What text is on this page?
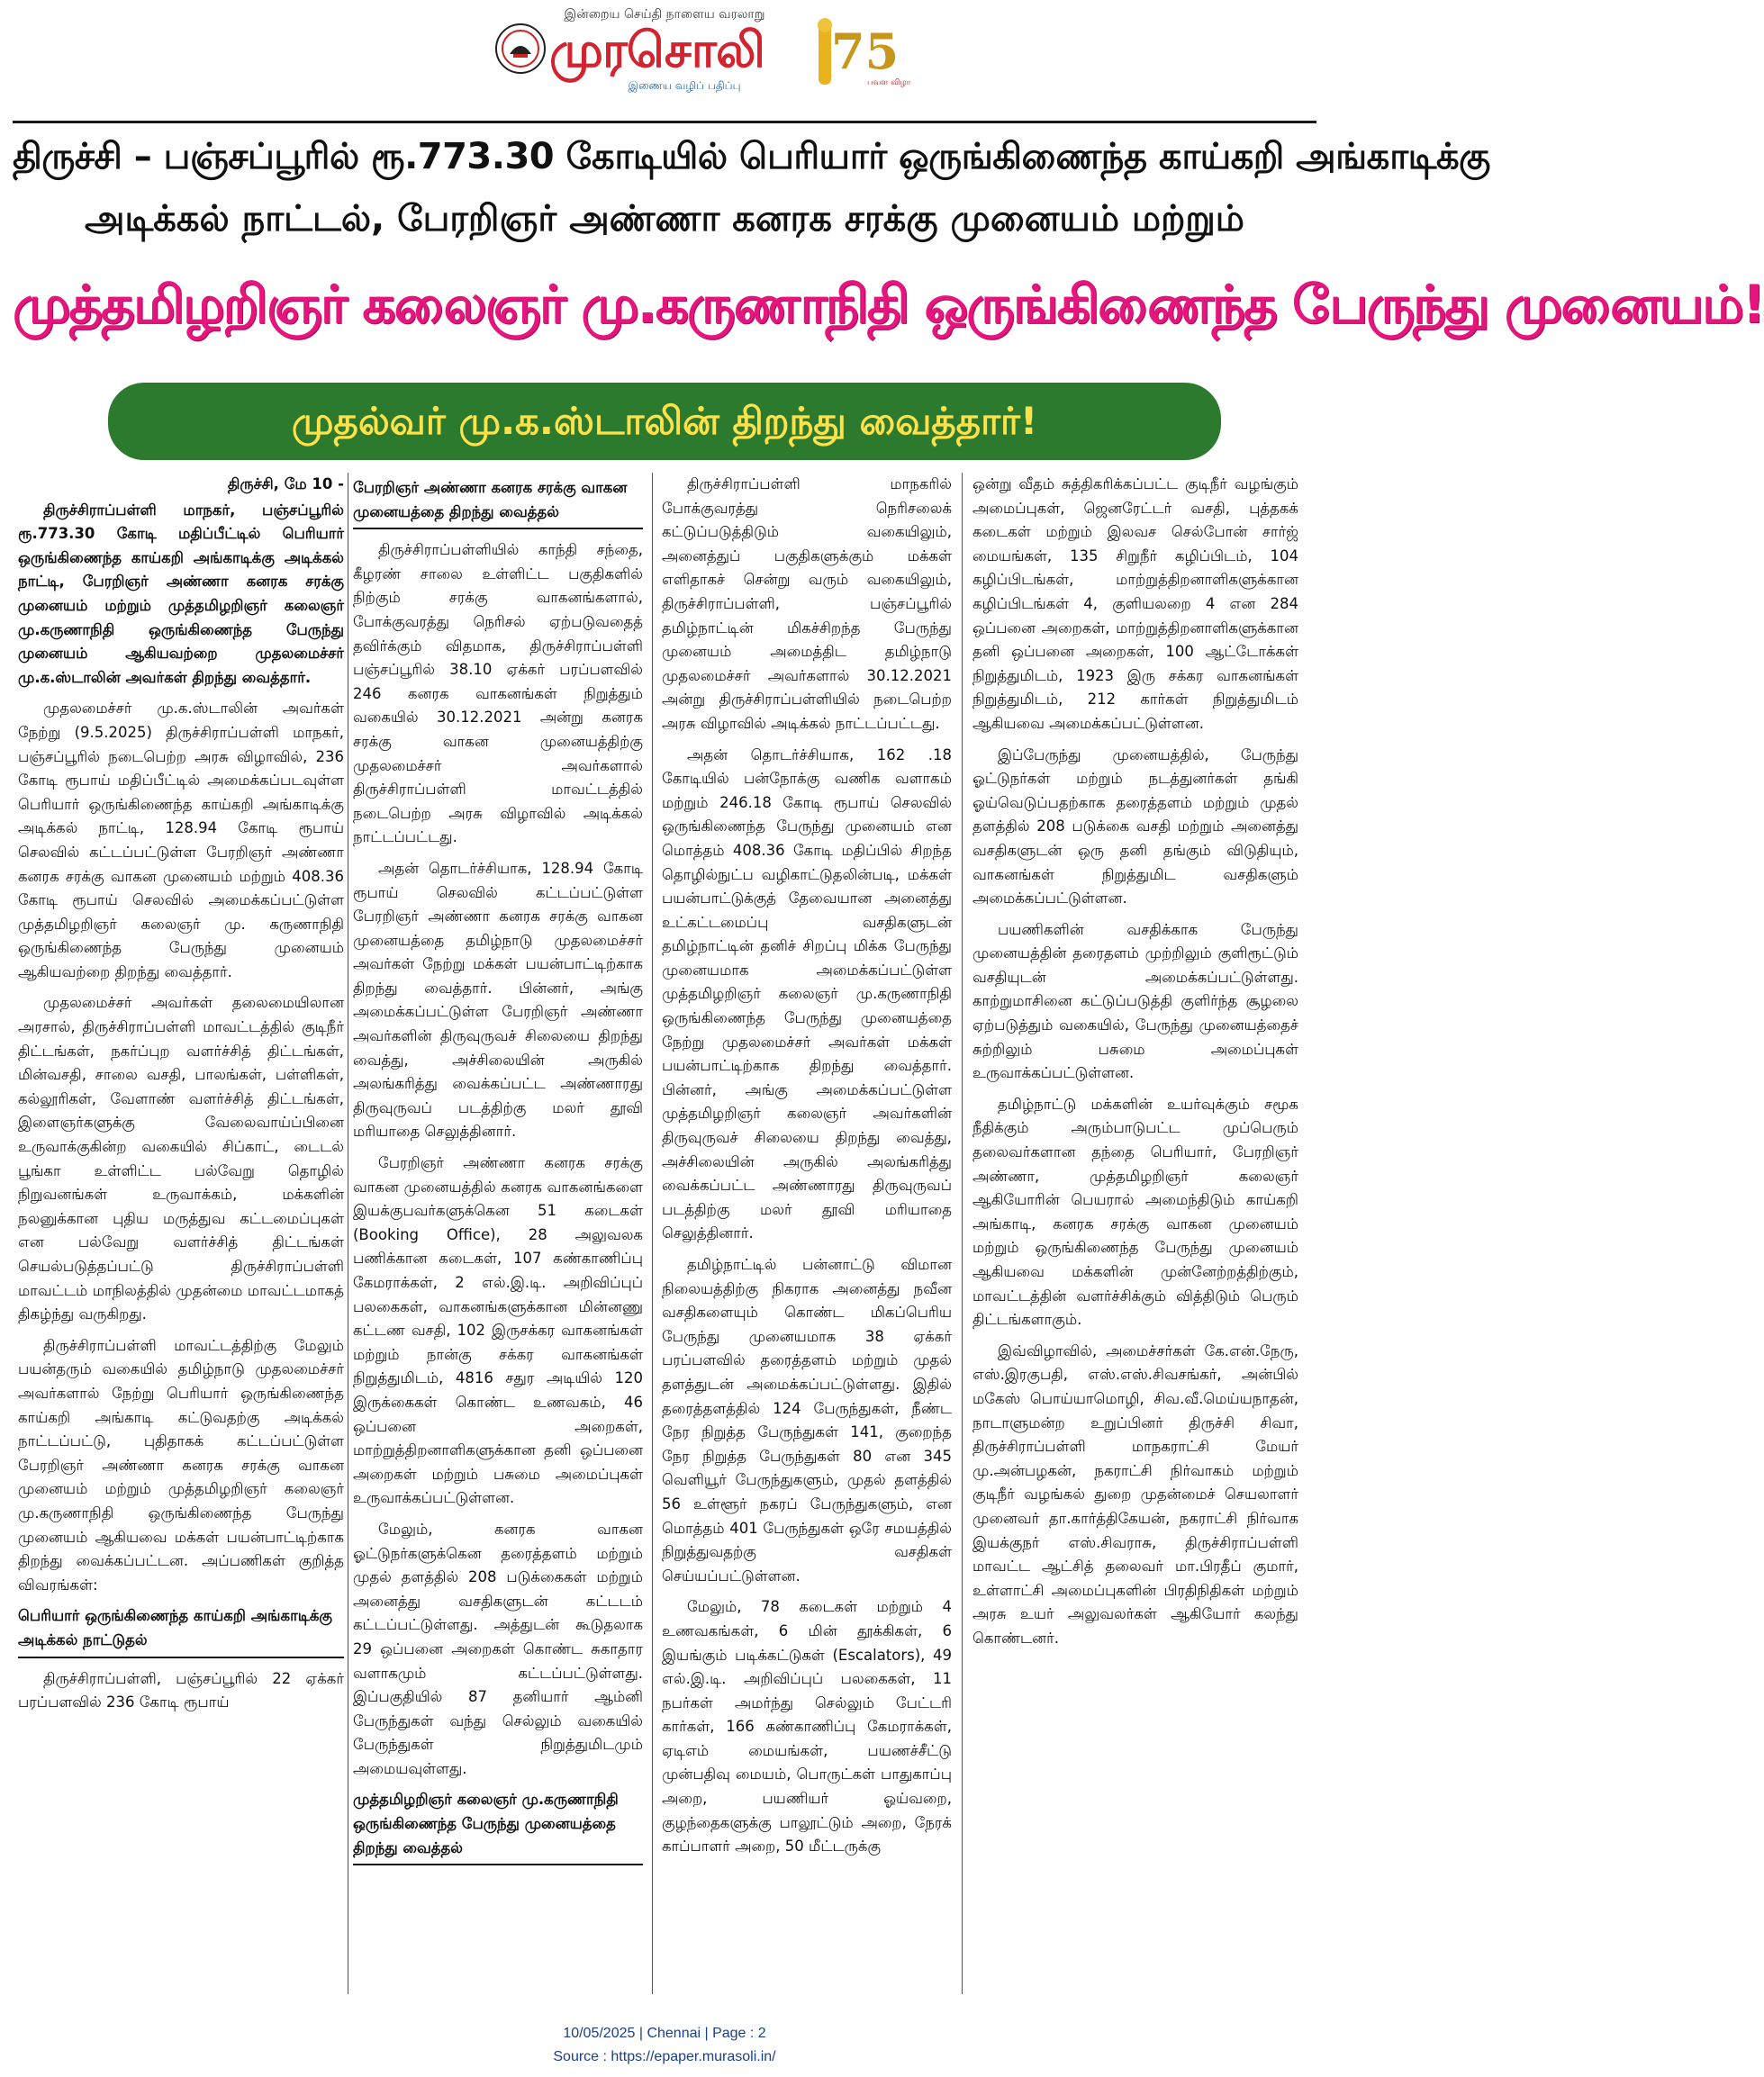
இன்றைய செய்தி நாளைய வரலாறு
முரசொலி	75
பவள விழா
இணைய வழிப் பதிப்பு
திருச்சி – பஞ்சப்பூரில் ரூ.773.30 கோடியில் பெரியார் ஒருங்கிணைந்த காய்கறி அங்காடிக்கு
அடிக்கல் நாட்டல், பேரறிஞர் அண்ணா கனரக சரக்கு முனையம் மற்றும்
முத்தமிழறிஞர் கலைஞர் மு.கருணாநிதி ஒருங்கிணைந்த பேருந்து முனையம்!
முதல்வர் மு.க.ஸ்டாலின் திறந்து வைத்தார்!
திருச்சி, மே 10 -

திருச்சிராப்பள்ளி மாநகர், பஞ்சப்பூரில் ரூ.773.30 கோடி மதிப்பீட்டில் பெரியார் ஒருங்கிணைந்த காய்கறி அங்காடிக்கு அடிக்கல் நாட்டி, பேரறிஞர் அண்ணா கனரக சரக்கு முனையம் மற்றும் முத்தமிழறிஞர் கலைஞர் மு.கருணாநிதி ஒருங்கிணைந்த பேருந்து முனையம் ஆகியவற்றை முதலமைச்சர் மு.க.ஸ்டாலின் அவர்கள் திறந்து வைத்தார்.

முதலமைச்சர் மு.க.ஸ்டாலின் அவர்கள் நேற்று (9.5.2025) திருச்சிராப்பள்ளி மாநகர், பஞ்சப்பூரில் நடைபெற்ற அரசு விழாவில், 236 கோடி ரூபாய் மதிப்பீட்டில் அமைக்கப்படவுள்ள பெரியார் ஒருங்கிணைந்த காய்கறி அங்காடிக்கு அடிக்கல் நாட்டி, 128.94 கோடி ரூபாய் செலவில் கட்டப்பட்டுள்ள பேரறிஞர் அண்ணா கனரக சரக்கு வாகன முனையம் மற்றும் 408.36 கோடி ரூபாய் செலவில் அமைக்கப்பட்டுள்ள முத்தமிழறிஞர் கலைஞர் மு. கருணாநிதி ஒருங்கிணைந்த பேருந்து முனையம் ஆகியவற்றை திறந்து வைத்தார்.

முதலமைச்சர் அவர்கள் தலைமையிலான அரசால், திருச்சிராப்பள்ளி மாவட்டத்தில் குடிநீர் திட்டங்கள், நகர்ப்புற வளர்ச்சித் திட்டங்கள், மின்வசதி, சாலை வசதி, பாலங்கள், பள்ளிகள், கல்லூரிகள், வேளாண் வளர்ச்சித் திட்டங்கள், இளைஞர்களுக்கு வேலைவாய்ப்பினை உருவாக்குகின்ற வகையில் சிப்காட், டைடல் பூங்கா உள்ளிட்ட பல்வேறு தொழில் நிறுவனங்கள் உருவாக்கம், மக்களின் நலனுக்கான புதிய மருத்துவ கட்டமைப்புகள் என பல்வேறு வளர்ச்சித் திட்டங்கள் செயல்படுத்தப்பட்டு திருச்சிராப்பள்ளி மாவட்டம் மாநிலத்தில் முதன்மை மாவட்டமாகத் திகழ்ந்து வருகிறது.

திருச்சிராப்பள்ளி மாவட்டத்திற்கு மேலும் பயன்தரும் வகையில் தமிழ்நாடு முதலமைச்சர் அவர்களால் நேற்று பெரியார் ஒருங்கிணைந்த காய்கறி அங்காடி கட்டுவதற்கு அடிக்கல் நாட்டப்பட்டு, புதிதாகக் கட்டப்பட்டுள்ள பேரறிஞர் அண்ணா கனரக சரக்கு வாகன முனையம் மற்றும் முத்தமிழறிஞர் கலைஞர் மு.கருணாநிதி ஒருங்கிணைந்த பேருந்து முனையம் ஆகியவை மக்கள் பயன்பாட்டிற்காக திறந்து வைக்கப்பட்டன. அப்பணிகள் குறித்த விவரங்கள்:

பெரியார் ஒருங்கிணைந்த காய்கறி அங்காடிக்கு அடிக்கல் நாட்டுதல்

திருச்சிராப்பள்ளி, பஞ்சப்பூரில் 22 ஏக்கர் பரப்பளவில் 236 கோடி ரூபாய்

பேரறிஞர் அண்ணா கனரக சரக்கு வாகன முனையத்தை திறந்து வைத்தல்

திருச்சிராப்பள்ளியில் காந்தி சந்தை, கீழரண் சாலை உள்ளிட்ட பகுதிகளில் நிற்கும் சரக்கு வாகனங்களால், போக்குவரத்து நெரிசல் ஏற்படுவதைத் தவிர்க்கும் விதமாக, திருச்சிராப்பள்ளி பஞ்சப்பூரில் 38.10 ஏக்கர் பரப்பளவில் 246 கனரக வாகனங்கள் நிறுத்தும் வகையில் 30.12.2021 அன்று கனரக சரக்கு வாகன முனையத்திற்கு முதலமைச்சர் அவர்களால் திருச்சிராப்பள்ளி மாவட்டத்தில் நடைபெற்ற அரசு விழாவில் அடிக்கல் நாட்டப்பட்டது.

அதன் தொடர்ச்சியாக, 128.94 கோடி ரூபாய் செலவில் கட்டப்பட்டுள்ள பேரறிஞர் அண்ணா கனரக சரக்கு வாகன முனையத்தை தமிழ்நாடு முதலமைச்சர் அவர்கள் நேற்று மக்கள் பயன்பாட்டிற்காக திறந்து வைத்தார். பின்னர், அங்கு அமைக்கப்பட்டுள்ள பேரறிஞர் அண்ணா அவர்களின் திருவுருவச் சிலையை திறந்து வைத்து, அச்சிலையின் அருகில் அலங்கரித்து வைக்கப்பட்ட அண்ணாரது திருவுருவப் படத்திற்கு மலர் தூவி மரியாதை செலுத்தினார்.

பேரறிஞர் அண்ணா கனரக சரக்கு வாகன முனையத்தில் கனரக வாகனங்களை இயக்குபவர்களுக்கென 51 கடைகள் (Booking Office), 28 அலுவலக பணிக்கான கடைகள், 107 கண்காணிப்பு கேமராக்கள், 2 எல்.இ.டி. அறிவிப்புப் பலகைகள், வாகனங்களுக்கான மின்னணு கட்டண வசதி, 102 இருசக்கர வாகனங்கள் மற்றும் நான்கு சக்கர வாகனங்கள் நிறுத்துமிடம், 4816 சதுர அடியில் 120 இருக்கைகள் கொண்ட உணவகம், 46 ஒப்பனை அறைகள், மாற்றுத்திறனாளிகளுக்கான தனி ஒப்பனை அறைகள் மற்றும் பசுமை அமைப்புகள் உருவாக்கப்பட்டுள்ளன.

மேலும், கனரக வாகன ஓட்டுநர்களுக்கென தரைத்தளம் மற்றும் முதல் தளத்தில் 208 படுக்கைகள் மற்றும் அனைத்து வசதிகளுடன் கட்டடம் கட்டப்பட்டுள்ளது. அத்துடன் கூடுதலாக 29 ஒப்பனை அறைகள் கொண்ட சுகாதார வளாகமும் கட்டப்பட்டுள்ளது. இப்பகுதியில் 87 தனியார் ஆம்னி பேருந்துகள் வந்து செல்லும் வகையில் பேருந்துகள் நிறுத்துமிடமும் அமையவுள்ளது.

முத்தமிழறிஞர் கலைஞர் மு.கருணாநிதி ஒருங்கிணைந்த பேருந்து முனையத்தை திறந்து வைத்தல்

திருச்சிராப்பள்ளி மாநகரில் போக்குவரத்து நெரிசலைக் கட்டுப்படுத்திடும் வகையிலும், அனைத்துப் பகுதிகளுக்கும் மக்கள் எளிதாகச் சென்று வரும் வகையிலும், திருச்சிராப்பள்ளி, பஞ்சப்பூரில் தமிழ்நாட்டின் மிகச்சிறந்த பேருந்து முனையம் அமைத்திட தமிழ்நாடு முதலமைச்சர் அவர்களால் 30.12.2021 அன்று திருச்சிராப்பள்ளியில் நடைபெற்ற அரசு விழாவில் அடிக்கல் நாட்டப்பட்டது.

அதன் தொடர்ச்சியாக, 162 .18 கோடியில் பன்நோக்கு வணிக வளாகம் மற்றும் 246.18 கோடி ரூபாய் செலவில் ஒருங்கிணைந்த பேருந்து முனையம் என மொத்தம் 408.36 கோடி மதிப்பில் சிறந்த தொழில்நுட்ப வழிகாட்டுதலின்படி, மக்கள் பயன்பாட்டுக்குத் தேவையான அனைத்து உட்கட்டமைப்பு வசதிகளுடன் தமிழ்நாட்டின் தனிச் சிறப்பு மிக்க பேருந்து முனையமாக அமைக்கப்பட்டுள்ள முத்தமிழறிஞர் கலைஞர் மு.கருணாநிதி ஒருங்கிணைந்த பேருந்து முனையத்தை நேற்று முதலமைச்சர் அவர்கள் மக்கள் பயன்பாட்டிற்காக திறந்து வைத்தார். பின்னர், அங்கு அமைக்கப்பட்டுள்ள முத்தமிழறிஞர் கலைஞர் அவர்களின் திருவுருவச் சிலையை திறந்து வைத்து, அச்சிலையின் அருகில் அலங்கரித்து வைக்கப்பட்ட அண்ணாரது திருவுருவப் படத்திற்கு மலர் தூவி மரியாதை செலுத்தினார்.

தமிழ்நாட்டில் பன்னாட்டு விமான நிலையத்திற்கு நிகராக அனைத்து நவீன வசதிகளையும் கொண்ட மிகப்பெரிய பேருந்து முனையமாக 38 ஏக்கர் பரப்பளவில் தரைத்தளம் மற்றும் முதல் தளத்துடன் அமைக்கப்பட்டுள்ளது. இதில் தரைத்தளத்தில் 124 பேருந்துகள், நீண்ட நேர நிறுத்த பேருந்துகள் 141, குறைந்த நேர நிறுத்த பேருந்துகள் 80 என 345 வெளியூர் பேருந்துகளும், முதல் தளத்தில் 56 உள்ளூர் நகரப் பேருந்துகளும், என மொத்தம் 401 பேருந்துகள் ஒரே சமயத்தில் நிறுத்துவதற்கு வசதிகள் செய்யப்பட்டுள்ளன.

மேலும், 78 கடைகள் மற்றும் 4 உணவகங்கள், 6 மின் தூக்கிகள், 6 இயங்கும் படிக்கட்டுகள் (Escalators), 49 எல்.இ.டி. அறிவிப்புப் பலகைகள், 11 நபர்கள் அமர்ந்து செல்லும் பேட்டரி கார்கள், 166 கண்காணிப்பு கேமராக்கள், ஏடிஎம் மையங்கள், பயணச்சீட்டு முன்பதிவு மையம், பொருட்கள் பாதுகாப்பு அறை, பயணியர் ஓய்வறை, குழந்தைகளுக்கு பாலூட்டும் அறை, நேரக் காப்பாளர் அறை, 50 மீட்டருக்கு

ஒன்று வீதம் சுத்திகரிக்கப்பட்ட குடிநீர் வழங்கும் அமைப்புகள், ஜெனரேட்டர் வசதி, புத்தகக் கடைகள் மற்றும் இலவச செல்போன் சார்ஜ் மையங்கள், 135 சிறுநீர் கழிப்பிடம், 104 கழிப்பிடங்கள், மாற்றுத்திறனாளிகளுக்கான கழிப்பிடங்கள் 4, குளியலறை 4 என 284 ஒப்பனை அறைகள், மாற்றுத்திறனாளிகளுக்கான தனி ஒப்பனை அறைகள், 100 ஆட்டோக்கள் நிறுத்துமிடம், 1923 இரு சக்கர வாகனங்கள் நிறுத்துமிடம், 212 கார்கள் நிறுத்துமிடம் ஆகியவை அமைக்கப்பட்டுள்ளன.

இப்பேருந்து முனையத்தில், பேருந்து ஓட்டுநர்கள் மற்றும் நடத்துனர்கள் தங்கி ஓய்வெடுப்பதற்காக தரைத்தளம் மற்றும் முதல் தளத்தில் 208 படுக்கை வசதி மற்றும் அனைத்து வசதிகளுடன் ஒரு தனி தங்கும் விடுதியும், வாகனங்கள் நிறுத்துமிட வசதிகளும் அமைக்கப்பட்டுள்ளன.

பயணிகளின் வசதிக்காக பேருந்து முனையத்தின் தரைதளம் முற்றிலும் குளிரூட்டும் வசதியுடன் அமைக்கப்பட்டுள்ளது. காற்றுமாசினை கட்டுப்படுத்தி குளிர்ந்த சூழலை ஏற்படுத்தும் வகையில், பேருந்து முனையத்தைச் சுற்றிலும் பசுமை அமைப்புகள் உருவாக்கப்பட்டுள்ளன.

தமிழ்நாட்டு மக்களின் உயர்வுக்கும் சமூக நீதிக்கும் அரும்பாடுபட்ட முப்பெரும் தலைவர்களான தந்தை பெரியார், பேரறிஞர் அண்ணா, முத்தமிழறிஞர் கலைஞர் ஆகியோரின் பெயரால் அமைந்திடும் காய்கறி அங்காடி, கனரக சரக்கு வாகன முனையம் மற்றும் ஒருங்கிணைந்த பேருந்து முனையம் ஆகியவை மக்களின் முன்னேற்றத்திற்கும், மாவட்டத்தின் வளர்ச்சிக்கும் வித்திடும் பெரும் திட்டங்களாகும்.

இவ்விழாவில், அமைச்சர்கள் கே.என்.நேரு, எஸ்.இரகுபதி, எஸ்.எஸ்.சிவசங்கர், அன்பில் மகேஸ் பொய்யாமொழி, சிவ.வீ.மெய்யநாதன், நாடாளுமன்ற உறுப்பினர் திருச்சி சிவா, திருச்சிராப்பள்ளி மாநகராட்சி மேயர் மு.அன்பழகன், நகராட்சி நிர்வாகம் மற்றும் குடிநீர் வழங்கல் துறை முதன்மைச் செயலாளர் முனைவர் தா.கார்த்திகேயன், நகராட்சி நிர்வாக இயக்குநர் எஸ்.சிவராசு, திருச்சிராப்பள்ளி மாவட்ட ஆட்சித் தலைவர் மா.பிரதீப் குமார், உள்ளாட்சி அமைப்புகளின் பிரதிநிதிகள் மற்றும் அரசு உயர் அலுவலர்கள் ஆகியோர் கலந்து கொண்டனர்.

10/05/2025 | Chennai | Page : 2
Source : https://epaper.murasoli.in/
